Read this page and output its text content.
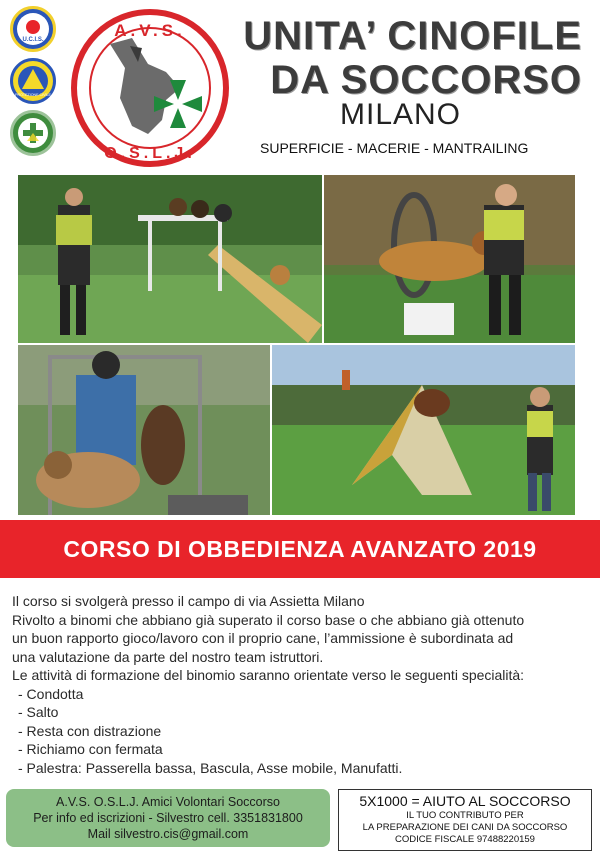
U.C.I.S.
PROTEZIONE CIVILE
A.V.S.
O.S.L.J.
UNITA’ CINOFILE
DA SOCCORSO
MILANO
SUPERFICIE - MACERIE - MANTRAILING
CORSO DI OBBEDIENZA AVANZATO 2019

Il corso si svolgerà presso il campo di via Assietta Milano

Rivolto a binomi che abbiano già superato il corso base o che abbiano già ottenuto

un buon rapporto gioco/lavoro con il proprio cane, l’ammissione è subordinata ad

una valutazione da parte del nostro team istruttori.

Le attività di formazione del binomio saranno orientate verso le seguenti specialità:

- Condotta
- Salto
- Resta con distrazione
- Richiamo con fermata
- Palestra: Passerella bassa, Bascula, Asse mobile, Manufatti.
A.V.S. O.S.L.J. Amici Volontari Soccorso
Per info ed iscrizioni - Silvestro cell. 3351831800
Mail silvestro.cis@gmail.com
5X1000 = AIUTO AL SOCCORSO
IL TUO CONTRIBUTO PER
LA PREPARAZIONE DEI CANI DA SOCCORSO
CODICE FISCALE 97488220159
